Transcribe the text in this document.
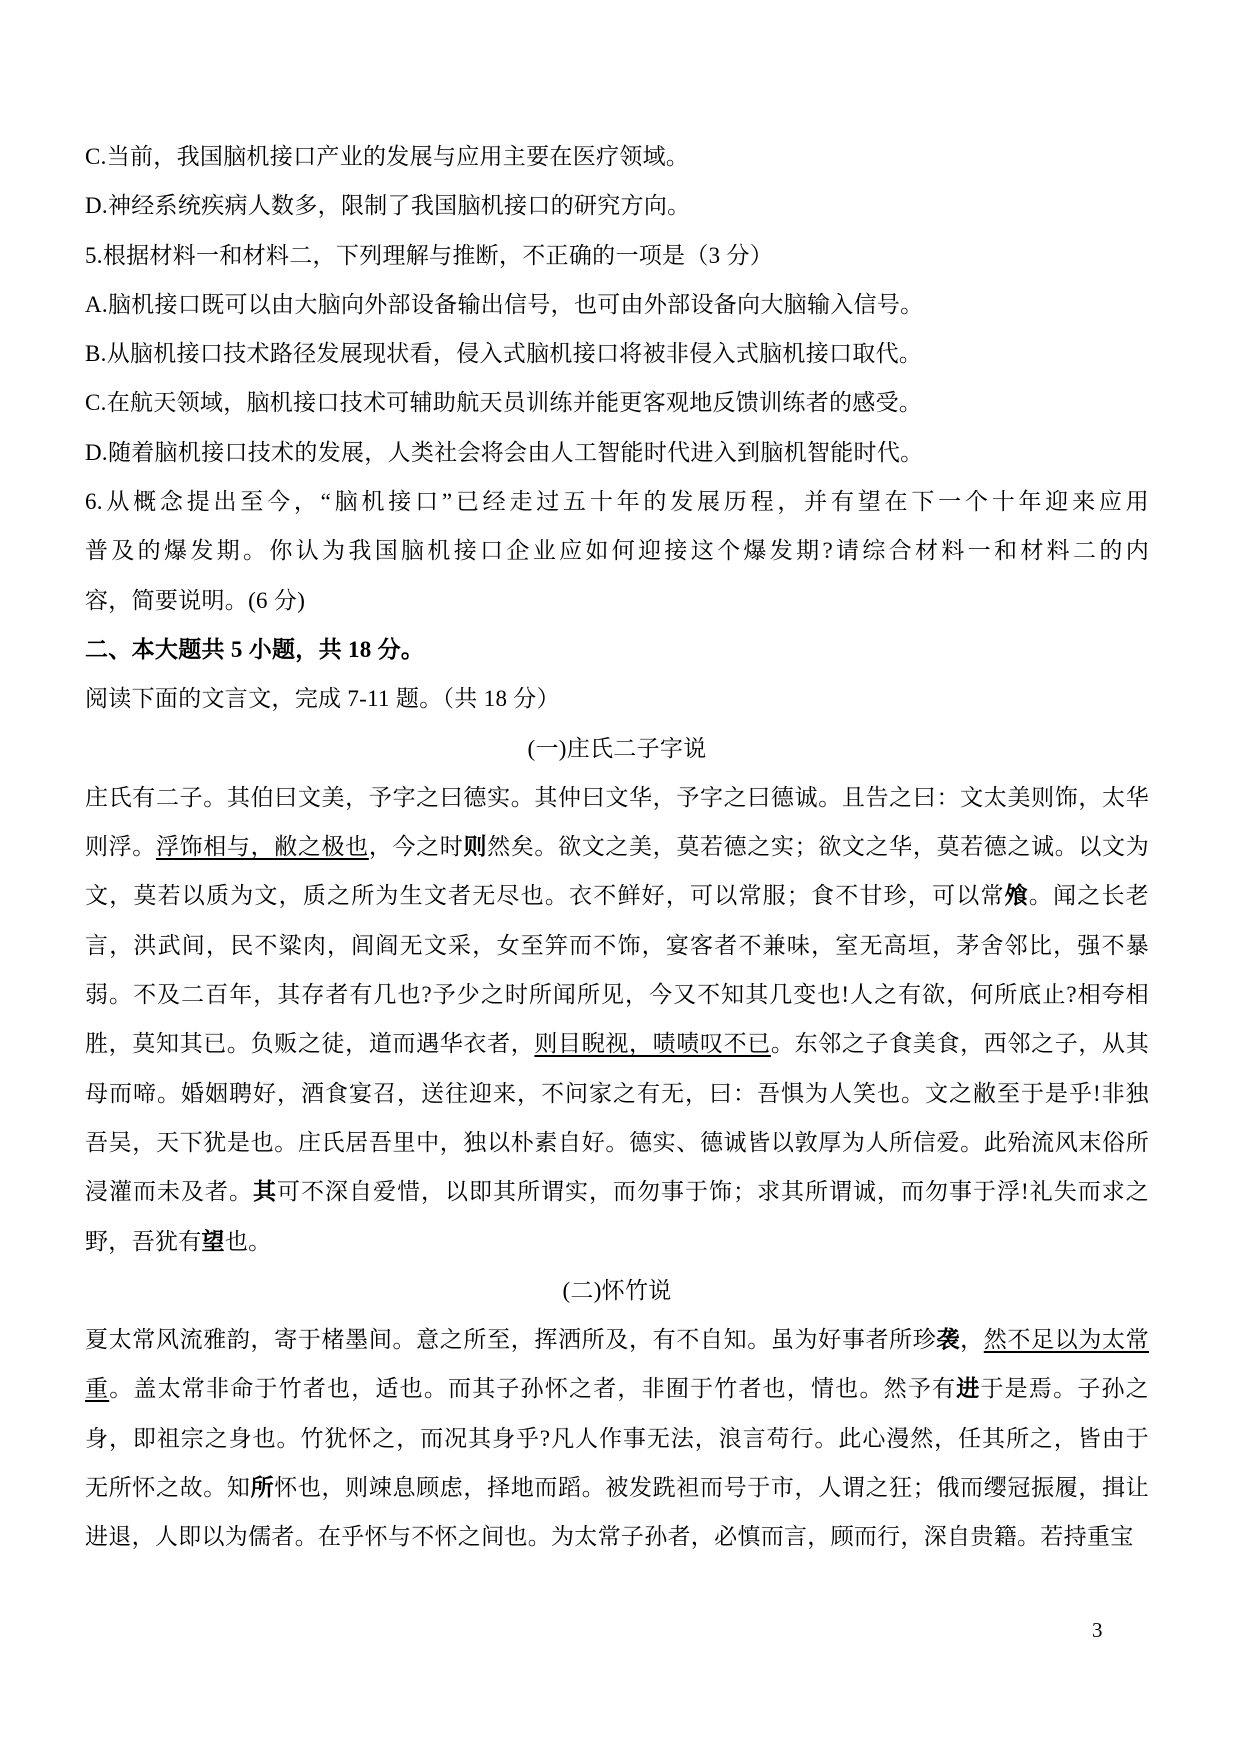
C.当前，我国脑机接口产业的发展与应用主要在医疗领域。
D.神经系统疾病人数多，限制了我国脑机接口的研究方向。
5.根据材料一和材料二，下列理解与推断，不正确的一项是（3 分）
A.脑机接口既可以由大脑向外部设备输出信号，也可由外部设备向大脑输入信号。
B.从脑机接口技术路径发展现状看，侵入式脑机接口将被非侵入式脑机接口取代。
C.在航天领域，脑机接口技术可辅助航天员训练并能更客观地反馈训练者的感受。
D.随着脑机接口技术的发展，人类社会将会由人工智能时代进入到脑机智能时代。
6.从概念提出至今，“脑机接口”已经走过五十年的发展历程，并有望在下一个十年迎来应用
普及的爆发期。你认为我国脑机接口企业应如何迎接这个爆发期?请综合材料一和材料二的内
容，简要说明。(6 分)
二、本大题共 5 小题，共 18 分。
阅读下面的文言文，完成 7-11 题。（共 18 分）
(一)庄氏二子字说
庄氏有二子。其伯曰文美，予字之曰德实。其仲曰文华，予字之曰德诚。且告之曰：文太美则饰，太华
则浮。浮饰相与，敝之极也，今之时则然矣。欲文之美，莫若德之实；欲文之华，莫若德之诚。以文为
文，莫若以质为文，质之所为生文者无尽也。衣不鲜好，可以常服；食不甘珍，可以常飧。闻之长老
言，洪武间，民不粱肉，闾阎无文采，女至笄而不饰，宴客者不兼味，室无高垣，茅舍邻比，强不暴
弱。不及二百年，其存者有几也?予少之时所闻所见，今又不知其几变也!人之有欲，何所底止?相夸相
胜，莫知其已。负贩之徒，道而遇华衣者，则目睨视，啧啧叹不已。东邻之子食美食，西邻之子，从其
母而啼。婚姻聘好，酒食宴召，送往迎来，不问家之有无，曰：吾惧为人笑也。文之敝至于是乎!非独
吾吴，天下犹是也。庄氏居吾里中，独以朴素自好。德实、德诚皆以敦厚为人所信爱。此殆流风末俗所
浸灌而未及者。其可不深自爱惜，以即其所谓实，而勿事于饰；求其所谓诚，而勿事于浮!礼失而求之
野，吾犹有望也。
(二)怀竹说
夏太常风流雅韵，寄于楮墨间。意之所至，挥洒所及，有不自知。虽为好事者所珍袭，然不足以为太常
重。盖太常非命于竹者也，适也。而其子孙怀之者，非囿于竹者也，情也。然予有进于是焉。子孙之
身，即祖宗之身也。竹犹怀之，而况其身乎?凡人作事无法，浪言苟行。此心漫然，任其所之，皆由于
无所怀之故。知所怀也，则竦息顾虑，择地而蹈。被发跣袒而号于市，人谓之狂；俄而缨冠振履，揖让
进退，人即以为儒者。在乎怀与不怀之间也。为太常子孙者，必慎而言，顾而行，深自贵籍。若持重宝
3
